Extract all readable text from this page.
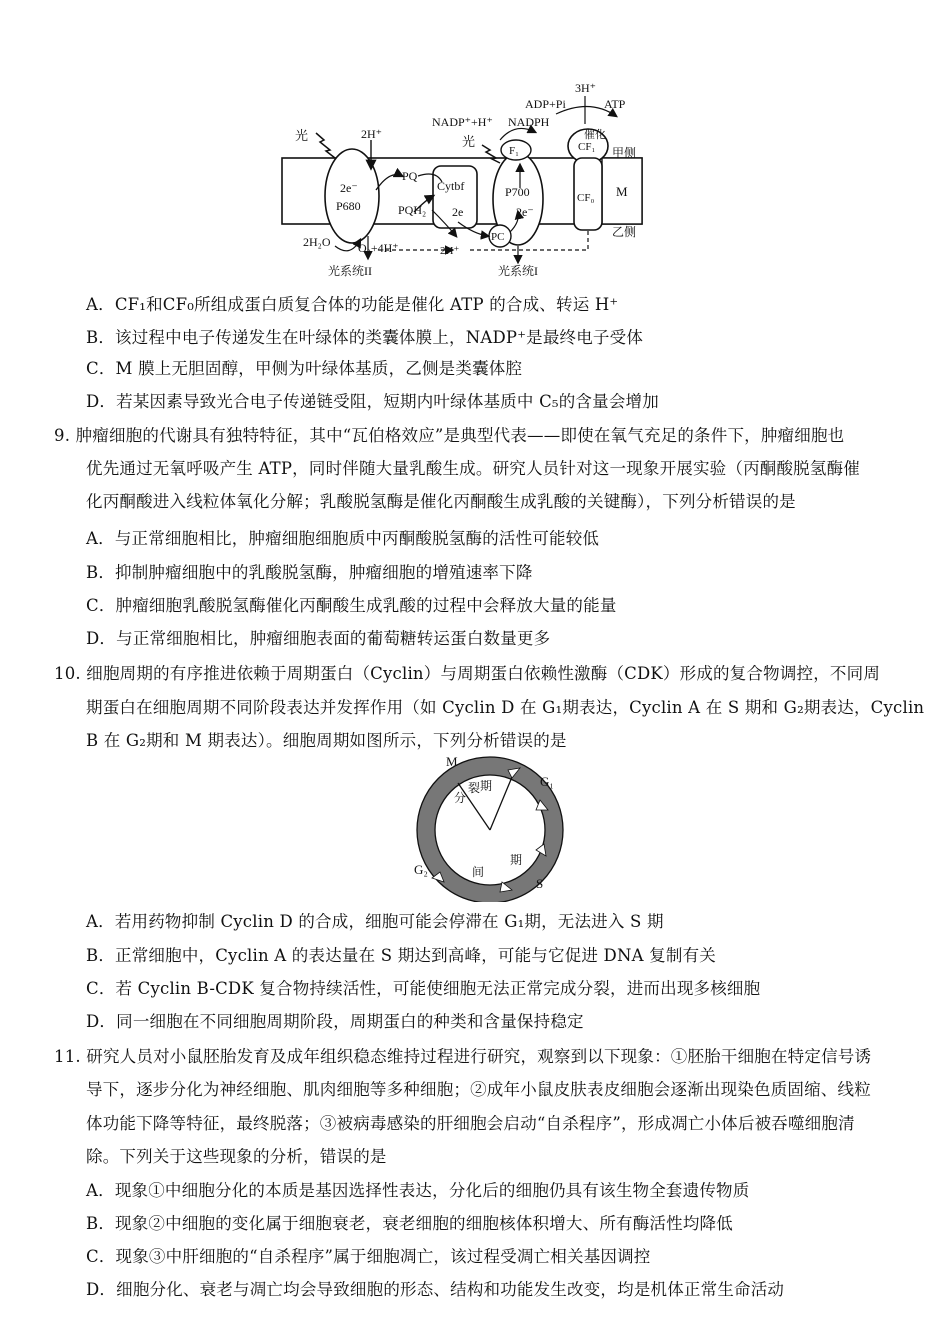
光	光
2H⁺
2e⁻
P680
PQ
PQH₂
Cytbf
2e
P700
2e⁻
PC
F₁	CF₁
催化
CF₀ M
甲侧
乙侧
NADP⁺+H⁺ NADPH
ADP+Pi	ATP
3H⁺
2H₂O O₂+4H⁺	2H⁺
光系统II	光系统I
A．CF₁和CF₀所组成蛋白质复合体的功能是催化 ATP 的合成、转运 H⁺
B．该过程中电子传递发生在叶绿体的类囊体膜上，NADP⁺是最终电子受体
C．M 膜上无胆固醇，甲侧为叶绿体基质，乙侧是类囊体腔
D．若某因素导致光合电子传递链受阻，短期内叶绿体基质中 C₅的含量会增加
9. 肿瘤细胞的代谢具有独特特征，其中“瓦伯格效应”是典型代表——即使在氧气充足的条件下，肿瘤细胞也
优先通过无氧呼吸产生 ATP，同时伴随大量乳酸生成。研究人员针对这一现象开展实验（丙酮酸脱氢酶催
化丙酮酸进入线粒体氧化分解；乳酸脱氢酶是催化丙酮酸生成乳酸的关键酶），下列分析错误的是
A．与正常细胞相比，肿瘤细胞细胞质中丙酮酸脱氢酶的活性可能较低
B．抑制肿瘤细胞中的乳酸脱氢酶，肿瘤细胞的增殖速率下降
C．肿瘤细胞乳酸脱氢酶催化丙酮酸生成乳酸的过程中会释放大量的能量
D．与正常细胞相比，肿瘤细胞表面的葡萄糖转运蛋白数量更多
10. 细胞周期的有序推进依赖于周期蛋白（Cyclin）与周期蛋白依赖性激酶（CDK）形成的复合物调控，不同周
期蛋白在细胞周期不同阶段表达并发挥作用（如 Cyclin D 在 G₁期表达，Cyclin A 在 S 期和 G₂期表达，Cyclin
B 在 G₂期和 M 期表达）。细胞周期如图所示，下列分析错误的是
M
G₁
G₂
S
分
裂 期
间
期
A．若用药物抑制 Cyclin D 的合成，细胞可能会停滞在 G₁期，无法进入 S 期
B．正常细胞中，Cyclin A 的表达量在 S 期达到高峰，可能与它促进 DNA 复制有关
C．若 Cyclin B-CDK 复合物持续活性，可能使细胞无法正常完成分裂，进而出现多核细胞
D．同一细胞在不同细胞周期阶段，周期蛋白的种类和含量保持稳定
11. 研究人员对小鼠胚胎发育及成年组织稳态维持过程进行研究，观察到以下现象：①胚胎干细胞在特定信号诱
导下，逐步分化为神经细胞、肌肉细胞等多种细胞；②成年小鼠皮肤表皮细胞会逐渐出现染色质固缩、线粒
体功能下降等特征，最终脱落；③被病毒感染的肝细胞会启动“自杀程序”，形成凋亡小体后被吞噬细胞清
除。下列关于这些现象的分析，错误的是
A．现象①中细胞分化的本质是基因选择性表达，分化后的细胞仍具有该生物全套遗传物质
B．现象②中细胞的变化属于细胞衰老，衰老细胞的细胞核体积增大、所有酶活性均降低
C．现象③中肝细胞的“自杀程序”属于细胞凋亡，该过程受凋亡相关基因调控
D．细胞分化、衰老与凋亡均会导致细胞的形态、结构和功能发生改变，均是机体正常生命活动
